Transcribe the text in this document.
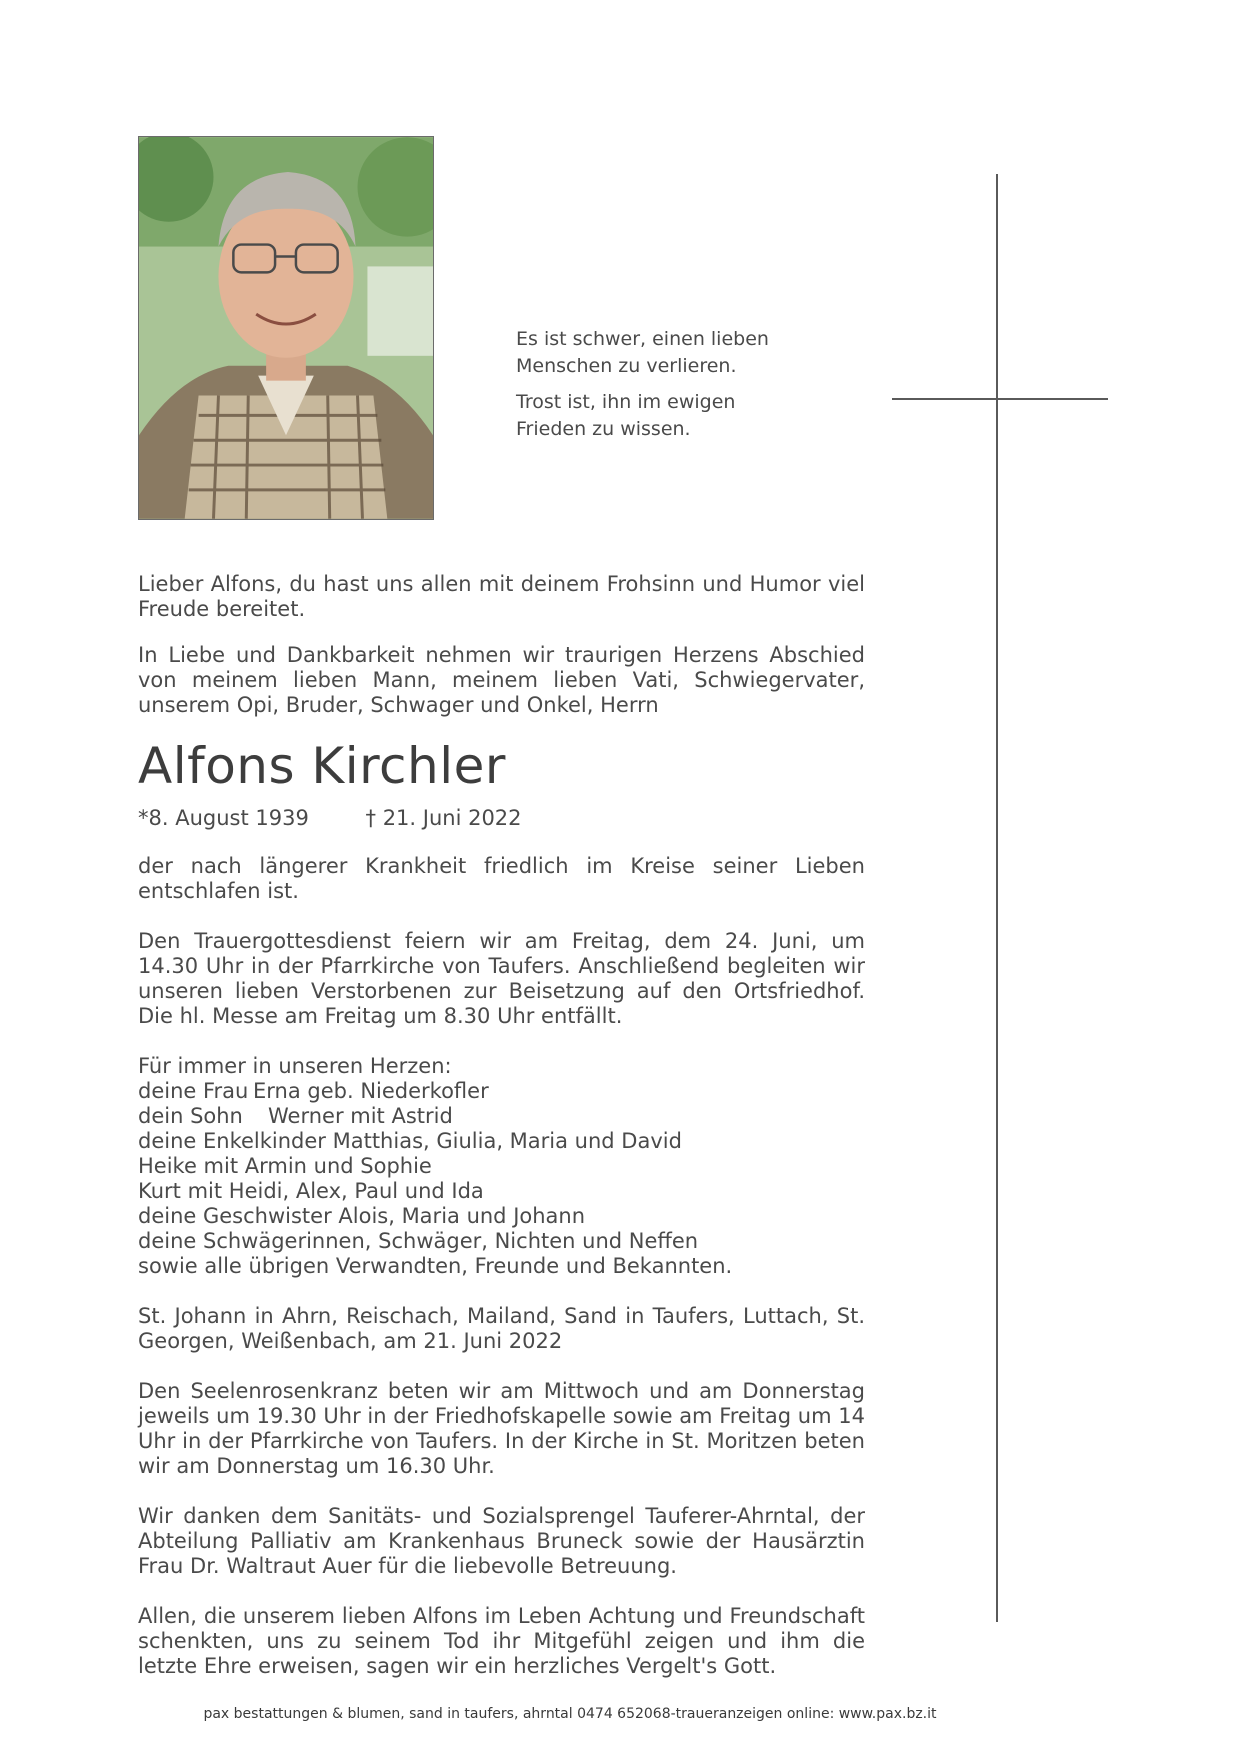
Es ist schwer, einen lieben
Menschen zu verlieren.

Trost ist, ihn im ewigen
Frieden zu wissen.

Lieber Alfons, du hast uns allen mit deinem Frohsinn und Humor viel Freude bereitet.

In Liebe und Dankbarkeit nehmen wir traurigen Herzens Abschied von meinem lieben Mann, meinem lieben Vati, Schwiegervater, unserem Opi, Bruder, Schwager und Onkel, Herrn

Alfons Kirchler
*8. August 1939	† 21. Juni 2022

der nach längerer Krankheit friedlich im Kreise seiner Lieben entschlafen ist.

Den Trauergottesdienst feiern wir am Freitag, dem 24. Juni, um 14.30 Uhr in der Pfarrkirche von Taufers. Anschließend begleiten wir unseren lieben Verstorbenen zur Beisetzung auf den Ortsfriedhof. Die hl. Messe am Freitag um 8.30 Uhr entfällt.

Für immer in unseren Herzen:
deine Frau Erna geb. Niederkofler
dein Sohn Werner mit Astrid
deine Enkelkinder Matthias, Giulia, Maria und David
Heike mit Armin und Sophie
Kurt mit Heidi, Alex, Paul und Ida
deine Geschwister Alois, Maria und Johann
deine Schwägerinnen, Schwäger, Nichten und Neffen
sowie alle übrigen Verwandten, Freunde und Bekannten.

St. Johann in Ahrn, Reischach, Mailand, Sand in Taufers, Luttach, St. Georgen, Weißenbach, am 21. Juni 2022

Den Seelenrosenkranz beten wir am Mittwoch und am Donnerstag jeweils um 19.30 Uhr in der Friedhofskapelle sowie am Freitag um 14 Uhr in der Pfarrkirche von Taufers. In der Kirche in St. Moritzen beten wir am Donnerstag um 16.30 Uhr.

Wir danken dem Sanitäts- und Sozialsprengel Tauferer-Ahrntal, der Abteilung Palliativ am Krankenhaus Bruneck sowie der Hausärztin Frau Dr. Waltraut Auer für die liebevolle Betreuung.

Allen, die unserem lieben Alfons im Leben Achtung und Freundschaft schenkten, uns zu seinem Tod ihr Mitgefühl zeigen und ihm die letzte Ehre erweisen, sagen wir ein herzliches Vergelt's Gott.

pax bestattungen & blumen, sand in taufers, ahrntal 0474 652068-traueranzeigen online: www.pax.bz.it
